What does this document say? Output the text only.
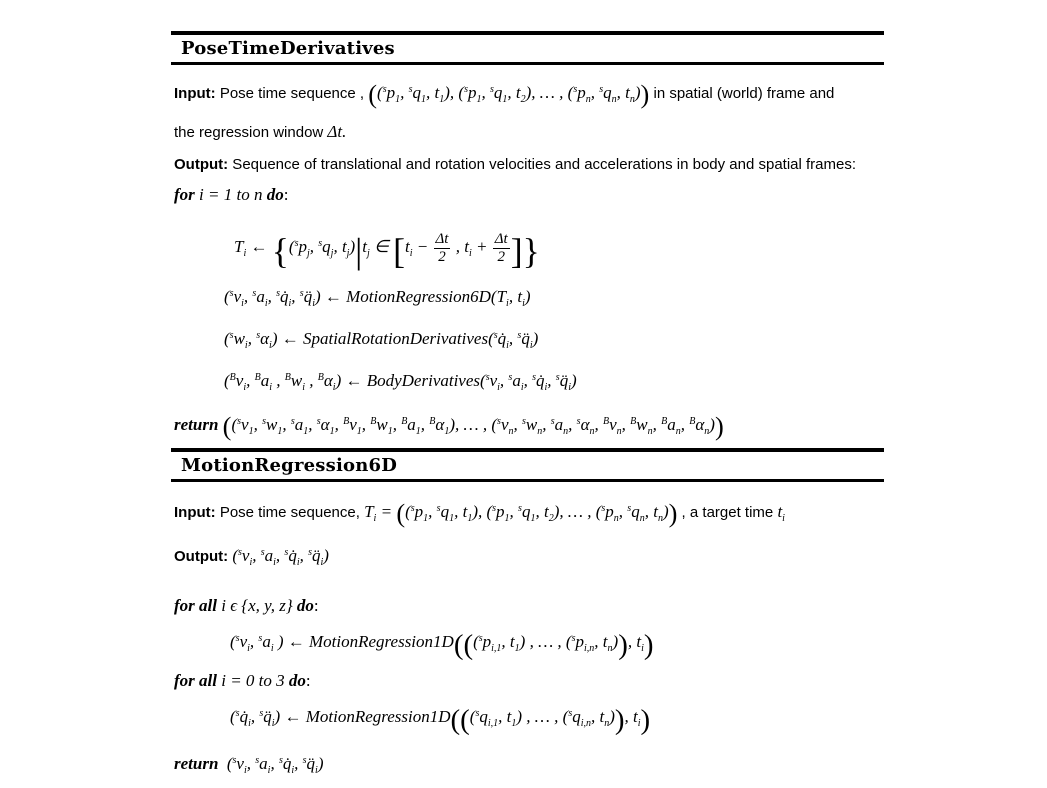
PoseTimeDerivatives

Input: Pose time sequence , (($^sp_1$, $^sq_1$, $t_1$), ($^sp_1$, $^sq_1$, $t_2$), … , ($^sp_n$, $^sq_n$, $t_n$)) in spatial (world) frame and

the regression window Δt.

Output: Sequence of translational and rotation velocities and accelerations in body and spatial frames:

for i = 1 to n do:

$T_i$ ← {($^sp_j$, $^sq_j$, $t_j)|t_j$ ∈ [$t_i - \frac{\Delta t}{2}$ , $t_i + \frac{\Delta t}{2}$ ]}

($^sv_i$, $^sa_i$, $^sq̇_i$, $^sq̈_i$) ← $MotionRegression6D(T_i$, $t_i$)

($^sw_i$, $^s\alpha_i$) ← $SpatialRotationDerivatives(^sq̇_i$, $^sq̈_i$)

($^Bv_i$, $^Ba_i$ , $^Bw_i$ , $^B\alpha_i$) ← $BodyDerivatives(^sv_i$, $^sa_i$, $^sq̇_i$, $^sq̈_i$)

return (($^sv_1$, $^sw_1$, $^sa_1$, $^s\alpha_1$, $^Bv_1$, $^Bw_1$, $^Ba_1$, $^B\alpha_1$), … , ($^sv_n$, $^sw_n$, $^sa_n$, $^s\alpha_n$, $^Bv_n$, $^Bw_n$, $^Ba_n$, $^B\alpha_n$))

MotionRegression6D

Input: Pose time sequence, $T_i = ((^sp_1$, $^sq_1$, $t_1$), ($^sp_1$, $^sq_1$, $t_2$), … , ($^sp_n$, $^sq_n$, $t_n$)) , a target time $t_i$

Output: ($^sv_i$, $^sa_i$, $^sq̇_i$, $^sq̈_i$)

for all i ϵ {x, y, z} do:

($^sv_i$, $^sa_i$ ) ← $MotionRegression1D(((^sp_{i,1}$, $t_1$) , … , ($^sp_{i,n}$, $t_n$)), $t_i$)

for all i = 0 to 3 do:

($^sq̇_i$, $^sq̈_i$) ← $MotionRegression1D(((^sq_{i,1}$, $t_1$) , … , ($^sq_{i,n}$, $t_n$)), $t_i$)

return  ($^sv_i$, $^sa_i$, $^sq̇_i$, $^sq̈_i$)
